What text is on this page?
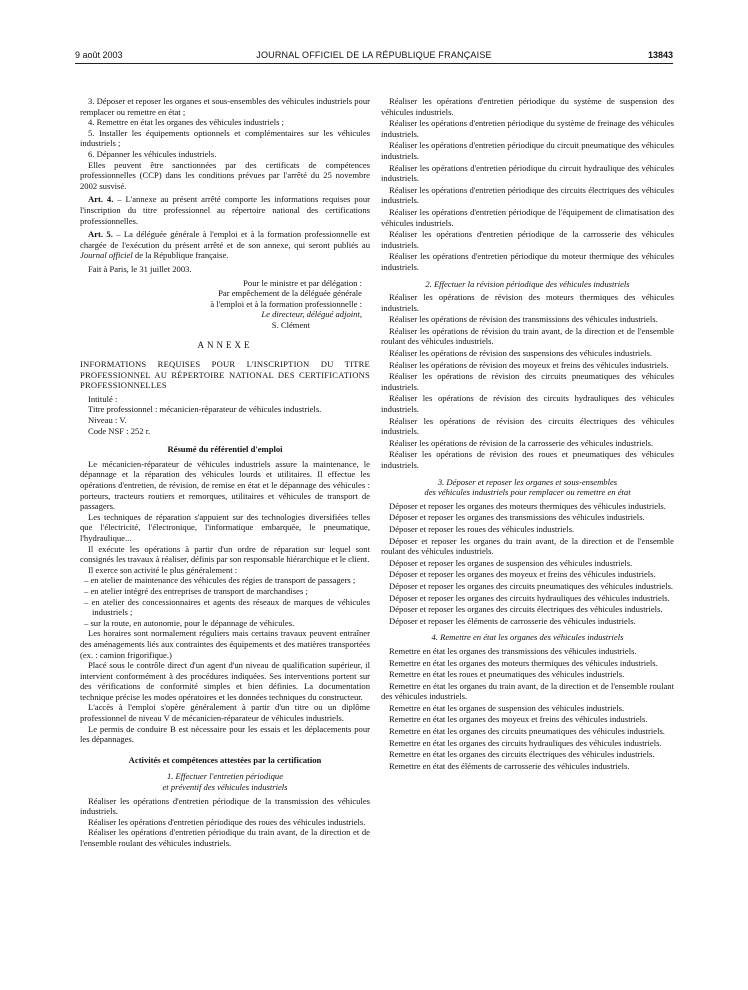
9 août 2003	JOURNAL OFFICIEL DE LA RÉPUBLIQUE FRANÇAISE	13843

3. Déposer et reposer les organes et sous-ensembles des véhicules industriels pour remplacer ou remettre en état ;

4. Remettre en état les organes des véhicules industriels ;

5. Installer les équipements optionnels et complémentaires sur les véhicules industriels ;

6. Dépanner les véhicules industriels.

Elles peuvent être sanctionnées par des certificats de compétences professionnelles (CCP) dans les conditions prévues par l'arrêté du 25 novembre 2002 susvisé.

Art. 4. – L'annexe au présent arrêté comporte les informations requises pour l'inscription du titre professionnel au répertoire national des certifications professionnelles.

Art. 5. – La déléguée générale à l'emploi et à la formation professionnelle est chargée de l'exécution du présent arrêté et de son annexe, qui seront publiés au Journal officiel de la République française.

Fait à Paris, le 31 juillet 2003.

Pour le ministre et par délégation :

Par empêchement de la déléguée générale

à l'emploi et à la formation professionnelle :

Le directeur, délégué adjoint,

S. Clément

ANNEXE

INFORMATIONS REQUISES POUR L'INSCRIPTION DU TITRE PROFESSIONNEL AU RÉPERTOIRE NATIONAL DES CERTIFICATIONS PROFESSIONNELLES

Intitulé :

Titre professionnel : mécanicien-réparateur de véhicules industriels.

Niveau : V.

Code NSF : 252 r.

Résumé du référentiel d'emploi

Le mécanicien-réparateur de véhicules industriels assure la maintenance, le dépannage et la réparation des véhicules lourds et utilitaires. Il effectue les opérations d'entretien, de révision, de remise en état et le dépannage des véhicules : porteurs, tracteurs routiers et remorques, utilitaires et véhicules de transport de passagers.

Les techniques de réparation s'appuient sur des technologies diversifiées telles que l'électricité, l'électronique, l'informatique embarquée, le pneumatique, l'hydraulique...

Il exécute les opérations à partir d'un ordre de réparation sur lequel sont consignés les travaux à réaliser, définis par son responsable hiérarchique et le client.

Il exerce son activité le plus généralement :

– en atelier de maintenance des véhicules des régies de transport de passagers ;

– en atelier intégré des entreprises de transport de marchandises ;

– en atelier des concessionnaires et agents des réseaux de marques de véhicules industriels ;

– sur la route, en autonomie, pour le dépannage de véhicules.

Les horaires sont normalement réguliers mais certains travaux peuvent entraîner des aménagements liés aux contraintes des équipements et des matières transportées (ex. : camion frigorifique.)

Placé sous le contrôle direct d'un agent d'un niveau de qualification supérieur, il intervient conformément à des procédures indiquées. Ses interventions portent sur des vérifications de conformité simples et bien définies. La documentation technique précise les modes opératoires et les données techniques du constructeur.

L'accès à l'emploi s'opère généralement à partir d'un titre ou un diplôme professionnel de niveau V de mécanicien-réparateur de véhicules industriels.

Le permis de conduire B est nécessaire pour les essais et les déplacements pour les dépannages.

Activités et compétences attestées par la certification

1. Effectuer l'entretien périodique

et préventif des véhicules industriels

Réaliser les opérations d'entretien périodique de la transmission des véhicules industriels.

Réaliser les opérations d'entretien périodique des roues des véhicules industriels.

Réaliser les opérations d'entretien périodique du train avant, de la direction et de l'ensemble roulant des véhicules industriels.

Réaliser les opérations d'entretien périodique du système de suspension des véhicules industriels.

Réaliser les opérations d'entretien périodique du système de freinage des véhicules industriels.

Réaliser les opérations d'entretien périodique du circuit pneumatique des véhicules industriels.

Réaliser les opérations d'entretien périodique du circuit hydraulique des véhicules industriels.

Réaliser les opérations d'entretien périodique des circuits électriques des véhicules industriels.

Réaliser les opérations d'entretien périodique de l'équipement de climatisation des véhicules industriels.

Réaliser les opérations d'entretien périodique de la carrosserie des véhicules industriels.

Réaliser les opérations d'entretien périodique du moteur thermique des véhicules industriels.

2. Effectuer la révision périodique des véhicules industriels

Réaliser les opérations de révision des moteurs thermiques des véhicules industriels.

Réaliser les opérations de révision des transmissions des véhicules industriels.

Réaliser les opérations de révision du train avant, de la direction et de l'ensemble roulant des véhicules industriels.

Réaliser les opérations de révision des suspensions des véhicules industriels.

Réaliser les opérations de révision des moyeux et freins des véhicules industriels.

Réaliser les opérations de révision des circuits pneumatiques des véhicules industriels.

Réaliser les opérations de révision des circuits hydrauliques des véhicules industriels.

Réaliser les opérations de révision des circuits électriques des véhicules industriels.

Réaliser les opérations de révision de la carrosserie des véhicules industriels.

Réaliser les opérations de révision des roues et pneumatiques des véhicules industriels.

3. Déposer et reposer les organes et sous-ensembles

des véhicules industriels pour remplacer ou remettre en état

Déposer et reposer les organes des moteurs thermiques des véhicules industriels.

Déposer et reposer les organes des transmissions des véhicules industriels.

Déposer et reposer les roues des véhicules industriels.

Déposer et reposer les organes du train avant, de la direction et de l'ensemble roulant des véhicules industriels.

Déposer et reposer les organes de suspension des véhicules industriels.

Déposer et reposer les organes des moyeux et freins des véhicules industriels.

Déposer et reposer les organes des circuits pneumatiques des véhicules industriels.

Déposer et reposer les organes des circuits hydrauliques des véhicules industriels.

Déposer et reposer les organes des circuits électriques des véhicules industriels.

Déposer et reposer les éléments de carrosserie des véhicules industriels.

4. Remettre en état les organes des véhicules industriels

Remettre en état les organes des transmissions des véhicules industriels.

Remettre en état les organes des moteurs thermiques des véhicules industriels.

Remettre en état les roues et pneumatiques des véhicules industriels.

Remettre en état les organes du train avant, de la direction et de l'ensemble roulant des véhicules industriels.

Remettre en état les organes de suspension des véhicules industriels.

Remettre en état les organes des moyeux et freins des véhicules industriels.

Remettre en état les organes des circuits pneumatiques des véhicules industriels.

Remettre en état les organes des circuits hydrauliques des véhicules industriels.

Remettre en état les organes des circuits électriques des véhicules industriels.

Remettre en état des éléments de carrosserie des véhicules industriels.
